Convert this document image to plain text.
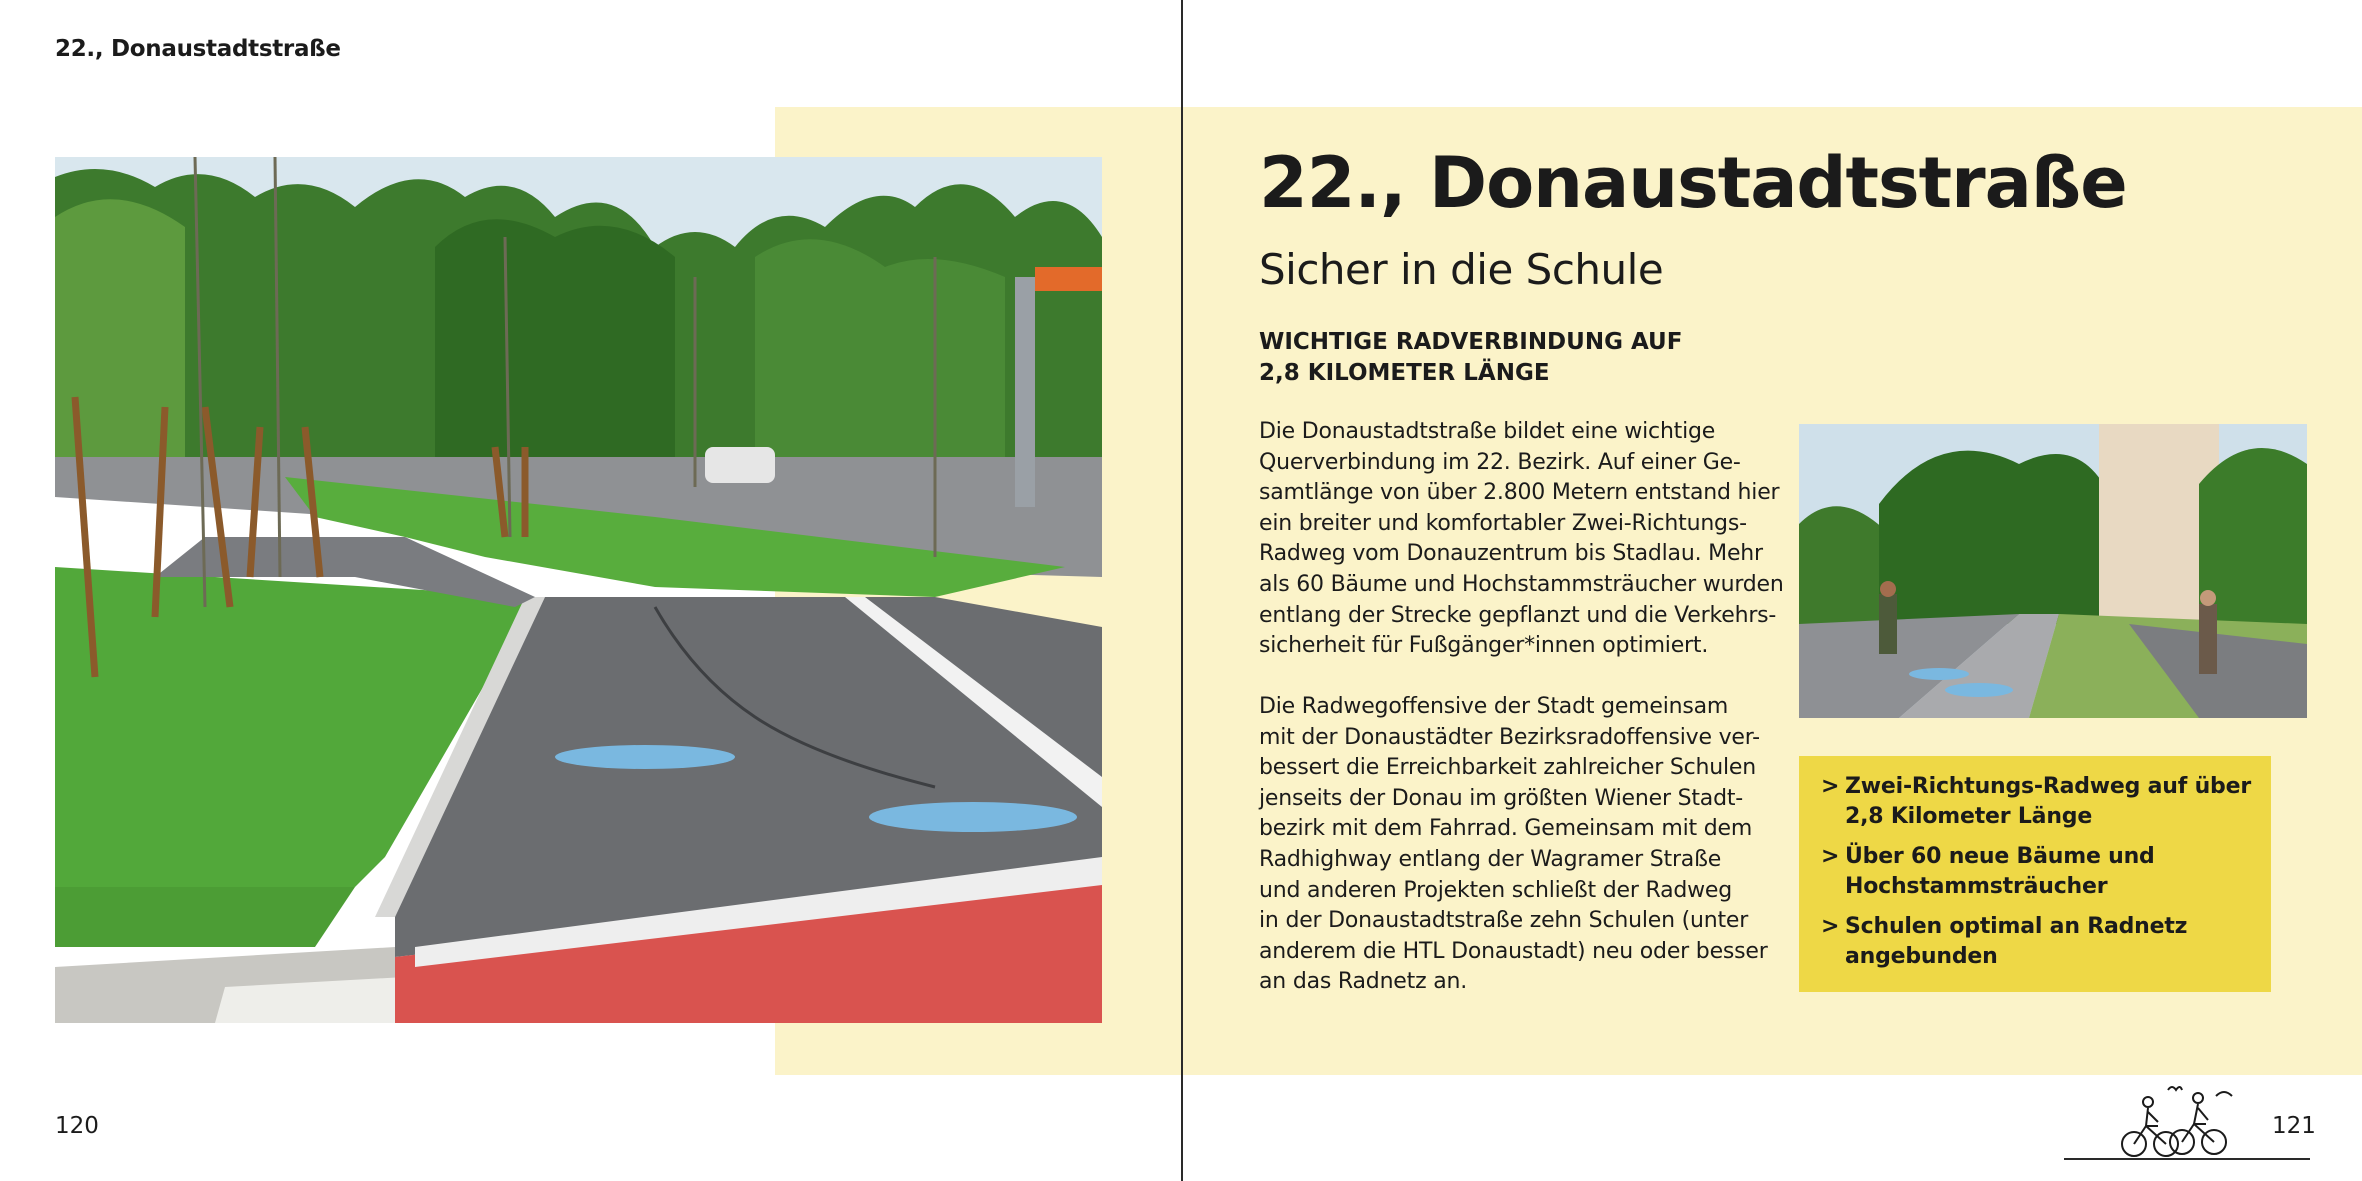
22., Donaustadtstraße
22., Donaustadtstraße
Sicher in die Schule
WICHTIGE RADVERBINDUNG AUF
2,8 KILOMETER LÄNGE
Die Donaustadtstraße bildet eine wichtige
Querverbindung im 22. Bezirk. Auf einer Ge-
samtlänge von über 2.800 Metern entstand hier
ein breiter und komfortabler Zwei-Richtungs-
Radweg vom Donauzentrum bis Stadlau. Mehr
als 60 Bäume und Hochstammsträucher wurden
entlang der Strecke gepflanzt und die Verkehrs-
sicherheit für Fußgänger*innen optimiert.
Die Radwegoffensive der Stadt gemeinsam
mit der Donaustädter Bezirksradoffensive ver-
bessert die Erreichbarkeit zahlreicher Schulen
jenseits der Donau im größten Wiener Stadt-
bezirk mit dem Fahrrad. Gemeinsam mit dem
Radhighway entlang der Wagramer Straße
und anderen Projekten schließt der Radweg
in der Donaustadtstraße zehn Schulen (unter
anderem die HTL Donaustadt) neu oder besser
an das Radnetz an.
> Zwei-Richtungs-Radweg auf über
2,8 Kilometer Länge
> Über 60 neue Bäume und
Hochstammsträucher
> Schulen optimal an Radnetz
angebunden
120	121
